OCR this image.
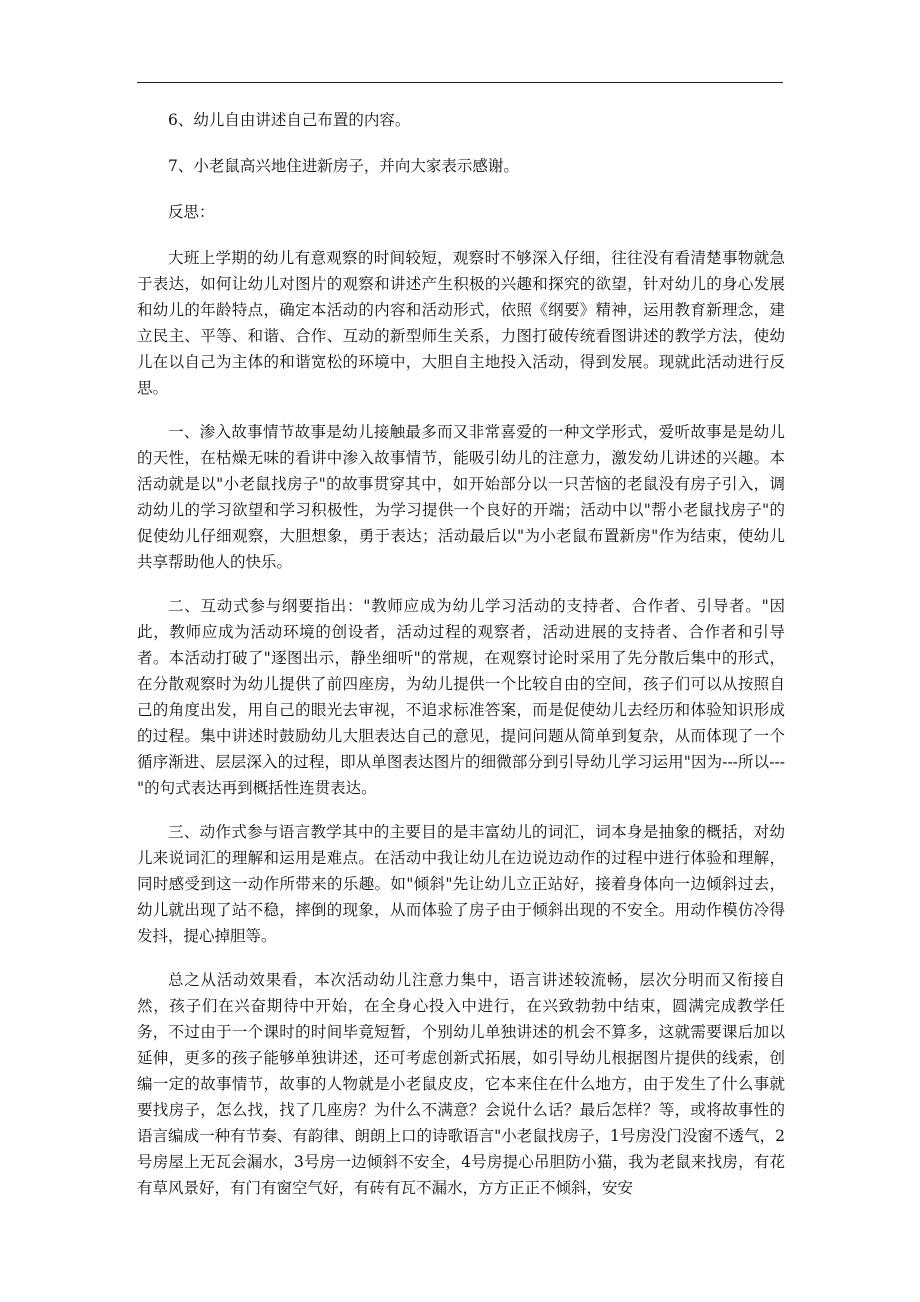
6、幼儿自由讲述自己布置的内容。

7、小老鼠高兴地住进新房子，并向大家表示感谢。

反思：

大班上学期的幼儿有意观察的时间较短，观察时不够深入仔细，往往没有看清楚事物就急于表达，如何让幼儿对图片的观察和讲述产生积极的兴趣和探究的欲望，针对幼儿的身心发展和幼儿的年龄特点，确定本活动的内容和活动形式，依照《纲要》精神，运用教育新理念，建立民主、平等、和谐、合作、互动的新型师生关系，力图打破传统看图讲述的教学方法，使幼儿在以自己为主体的和谐宽松的环境中，大胆自主地投入活动，得到发展。现就此活动进行反思。

一、渗入故事情节故事是幼儿接触最多而又非常喜爱的一种文学形式，爱听故事是是幼儿的天性，在枯燥无味的看讲中渗入故事情节，能吸引幼儿的注意力，激发幼儿讲述的兴趣。本活动就是以"小老鼠找房子"的故事贯穿其中，如开始部分以一只苦恼的老鼠没有房子引入，调动幼儿的学习欲望和学习积极性，为学习提供一个良好的开端；活动中以"帮小老鼠找房子"的促使幼儿仔细观察，大胆想象，勇于表达；活动最后以"为小老鼠布置新房"作为结束，使幼儿共享帮助他人的快乐。

二、互动式参与纲要指出："教师应成为幼儿学习活动的支持者、合作者、引导者。"因此，教师应成为活动环境的创设者，活动过程的观察者，活动进展的支持者、合作者和引导者。本活动打破了"逐图出示，静坐细听"的常规，在观察讨论时采用了先分散后集中的形式，在分散观察时为幼儿提供了前四座房，为幼儿提供一个比较自由的空间，孩子们可以从按照自己的角度出发，用自己的眼光去审视，不追求标准答案，而是促使幼儿去经历和体验知识形成的过程。集中讲述时鼓励幼儿大胆表达自己的意见，提问问题从简单到复杂，从而体现了一个循序渐进、层层深入的过程，即从单图表达图片的细微部分到引导幼儿学习运用"因为---所以---"的句式表达再到概括性连贯表达。

三、动作式参与语言教学其中的主要目的是丰富幼儿的词汇，词本身是抽象的概括，对幼儿来说词汇的理解和运用是难点。在活动中我让幼儿在边说边动作的过程中进行体验和理解，同时感受到这一动作所带来的乐趣。如"倾斜"先让幼儿立正站好，接着身体向一边倾斜过去，幼儿就出现了站不稳，摔倒的现象，从而体验了房子由于倾斜出现的不安全。用动作模仿冷得发抖，提心掉胆等。

总之从活动效果看，本次活动幼儿注意力集中，语言讲述较流畅，层次分明而又衔接自然，孩子们在兴奋期待中开始，在全身心投入中进行，在兴致勃勃中结束，圆满完成教学任务，不过由于一个课时的时间毕竟短暂，个别幼儿单独讲述的机会不算多，这就需要课后加以延伸，更多的孩子能够单独讲述，还可考虑创新式拓展，如引导幼儿根据图片提供的线索，创编一定的故事情节，故事的人物就是小老鼠皮皮，它本来住在什么地方，由于发生了什么事就要找房子，怎么找，找了几座房？为什么不满意？会说什么话？最后怎样？等，或将故事性的语言编成一种有节奏、有韵律、朗朗上口的诗歌语言"小老鼠找房子，1号房没门没窗不透气，2号房屋上无瓦会漏水，3号房一边倾斜不安全，4号房提心吊胆防小猫，我为老鼠来找房，有花有草风景好，有门有窗空气好，有砖有瓦不漏水，方方正正不倾斜，安安
